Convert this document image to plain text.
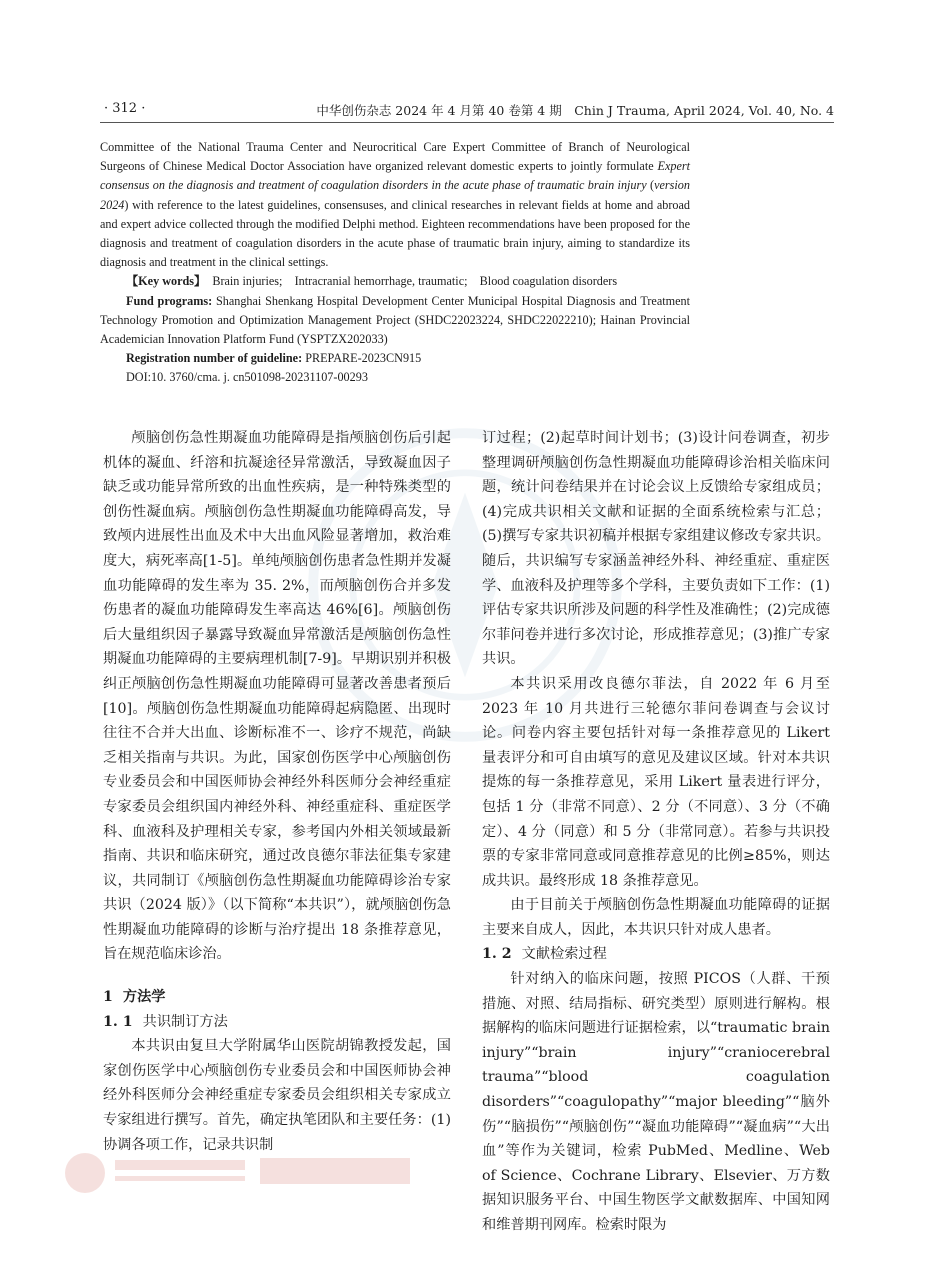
· 312 ·	中华创伤杂志 2024 年 4 月第 40 卷第 4 期　Chin J Trauma, April 2024, Vol. 40, No. 4

Committee of the National Trauma Center and Neurocritical Care Expert Committee of Branch of Neurological Surgeons of Chinese Medical Doctor Association have organized relevant domestic experts to jointly formulate Expert consensus on the diagnosis and treatment of coagulation disorders in the acute phase of traumatic brain injury (version 2024) with reference to the latest guidelines, consensuses, and clinical researches in relevant fields at home and abroad and expert advice collected through the modified Delphi method. Eighteen recommendations have been proposed for the diagnosis and treatment of coagulation disorders in the acute phase of traumatic brain injury, aiming to standardize its diagnosis and treatment in the clinical settings.

【Key words】 Brain injuries;　Intracranial hemorrhage, traumatic;　Blood coagulation disorders

Fund programs: Shanghai Shenkang Hospital Development Center Municipal Hospital Diagnosis and Treatment Technology Promotion and Optimization Management Project (SHDC22023224, SHDC22022210); Hainan Provincial Academician Innovation Platform Fund (YSPTZX202033)

Registration number of guideline: PREPARE-2023CN915

DOI:10. 3760/cma. j. cn501098-20231107-00293

颅脑创伤急性期凝血功能障碍是指颅脑创伤后引起机体的凝血、纤溶和抗凝途径异常激活，导致凝血因子缺乏或功能异常所致的出血性疾病，是一种特殊类型的创伤性凝血病。颅脑创伤急性期凝血功能障碍高发，导致颅内进展性出血及术中大出血风险显著增加，救治难度大，病死率高[1-5]。单纯颅脑创伤患者急性期并发凝血功能障碍的发生率为 35. 2%，而颅脑创伤合并多发伤患者的凝血功能障碍发生率高达 46%[6]。颅脑创伤后大量组织因子暴露导致凝血异常激活是颅脑创伤急性期凝血功能障碍的主要病理机制[7-9]。早期识别并积极纠正颅脑创伤急性期凝血功能障碍可显著改善患者预后[10]。颅脑创伤急性期凝血功能障碍起病隐匿、出现时往往不合并大出血、诊断标准不一、诊疗不规范，尚缺乏相关指南与共识。为此，国家创伤医学中心颅脑创伤专业委员会和中国医师协会神经外科医师分会神经重症专家委员会组织国内神经外科、神经重症科、重症医学科、血液科及护理相关专家，参考国内外相关领域最新指南、共识和临床研究，通过改良德尔菲法征集专家建议，共同制订《颅脑创伤急性期凝血功能障碍诊治专家共识（2024 版）》（以下简称“本共识”），就颅脑创伤急性期凝血功能障碍的诊断与治疗提出 18 条推荐意见，旨在规范临床诊治。

1 方法学

1. 1 共识制订方法

本共识由复旦大学附属华山医院胡锦教授发起，国家创伤医学中心颅脑创伤专业委员会和中国医师协会神经外科医师分会神经重症专家委员会组织相关专家成立专家组进行撰写。首先，确定执笔团队和主要任务：(1)协调各项工作，记录共识制

订过程；(2)起草时间计划书；(3)设计问卷调查，初步整理调研颅脑创伤急性期凝血功能障碍诊治相关临床问题，统计问卷结果并在讨论会议上反馈给专家组成员；(4)完成共识相关文献和证据的全面系统检索与汇总；(5)撰写专家共识初稿并根据专家组建议修改专家共识。随后，共识编写专家涵盖神经外科、神经重症、重症医学、血液科及护理等多个学科，主要负责如下工作：(1)评估专家共识所涉及问题的科学性及准确性；(2)完成德尔菲问卷并进行多次讨论，形成推荐意见；(3)推广专家共识。

本共识采用改良德尔菲法，自 2022 年 6 月至 2023 年 10 月共进行三轮德尔菲问卷调查与会议讨论。问卷内容主要包括针对每一条推荐意见的 Likert 量表评分和可自由填写的意见及建议区域。针对本共识提炼的每一条推荐意见，采用 Likert 量表进行评分，包括 1 分（非常不同意）、2 分（不同意）、3 分（不确定）、4 分（同意）和 5 分（非常同意）。若参与共识投票的专家非常同意或同意推荐意见的比例≥85%，则达成共识。最终形成 18 条推荐意见。

由于目前关于颅脑创伤急性期凝血功能障碍的证据主要来自成人，因此，本共识只针对成人患者。

1. 2 文献检索过程

针对纳入的临床问题，按照 PICOS（人群、干预措施、对照、结局指标、研究类型）原则进行解构。根据解构的临床问题进行证据检索，以“traumatic brain injury”“brain injury”“craniocerebral trauma”“blood coagulation disorders”“coagulopathy”“major bleeding”“脑外伤”“脑损伤”“颅脑创伤”“凝血功能障碍”“凝血病”“大出血”等作为关键词，检索 PubMed、Medline、Web of Science、Cochrane Library、Elsevier、万方数据知识服务平台、中国生物医学文献数据库、中国知网和维普期刊网库。检索时限为
